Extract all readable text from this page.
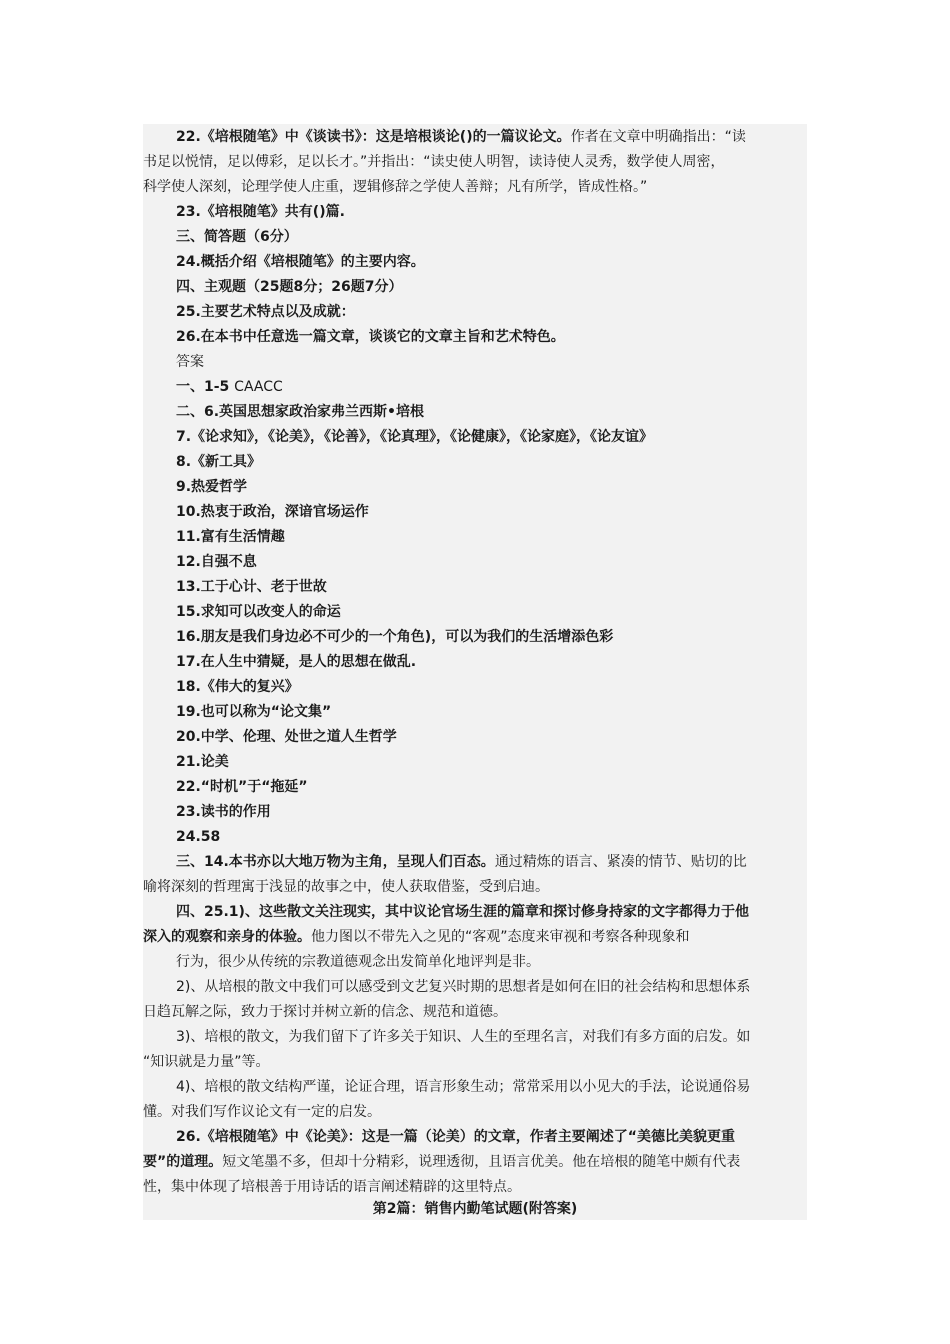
22.《培根随笔》中《谈读书》：这是培根谈论()的一篇议论文。作者在文章中明确指出：“读
书足以悦情，足以傅彩，足以长才。”并指出：“读史使人明智，读诗使人灵秀，数学使人周密，
科学使人深刻，论理学使人庄重，逻辑修辞之学使人善辩；凡有所学，皆成性格。”
23.《培根随笔》共有()篇.
三、简答题（6分）
24.概括介绍《培根随笔》的主要内容。
四、主观题（25题8分；26题7分）
25.主要艺术特点以及成就：
26.在本书中任意选一篇文章，谈谈它的文章主旨和艺术特色。
答案
一、1-5 CAACC
二、6.英国思想家政治家弗兰西斯•培根
7.《论求知》，《论美》，《论善》，《论真理》，《论健康》，《论家庭》，《论友谊》
8.《新工具》
9.热爱哲学
10.热衷于政治，深谙官场运作
11.富有生活情趣
12.自强不息
13.工于心计、老于世故
15.求知可以改变人的命运
16.朋友是我们身边必不可少的一个角色)，可以为我们的生活增添色彩
17.在人生中猜疑，是人的思想在做乱.
18.《伟大的复兴》
19.也可以称为“论文集”
20.中学、伦理、处世之道人生哲学
21.论美
22.“时机”于“拖延”
23.读书的作用
24.58
三、14.本书亦以大地万物为主角，呈现人们百态。通过精炼的语言、紧凑的情节、贴切的比
喻将深刻的哲理寓于浅显的故事之中，使人获取借鉴，受到启迪。
四、25.1)、这些散文关注现实，其中议论官场生涯的篇章和探讨修身持家的文字都得力于他
深入的观察和亲身的体验。他力图以不带先入之见的“客观”态度来审视和考察各种现象和
行为，很少从传统的宗教道德观念出发简单化地评判是非。
2)、从培根的散文中我们可以感受到文艺复兴时期的思想者是如何在旧的社会结构和思想体系
日趋瓦解之际，致力于探讨并树立新的信念、规范和道德。
3)、培根的散文，为我们留下了许多关于知识、人生的至理名言，对我们有多方面的启发。如
“知识就是力量”等。
4)、培根的散文结构严谨，论证合理，语言形象生动；常常采用以小见大的手法，论说通俗易
懂。对我们写作议论文有一定的启发。
26.《培根随笔》中《论美》：这是一篇（论美）的文章，作者主要阐述了“美德比美貌更重
要”的道理。短文笔墨不多，但却十分精彩，说理透彻，且语言优美。他在培根的随笔中颇有代表
性，集中体现了培根善于用诗话的语言阐述精辟的这里特点。
第2篇：销售内勤笔试题(附答案)
